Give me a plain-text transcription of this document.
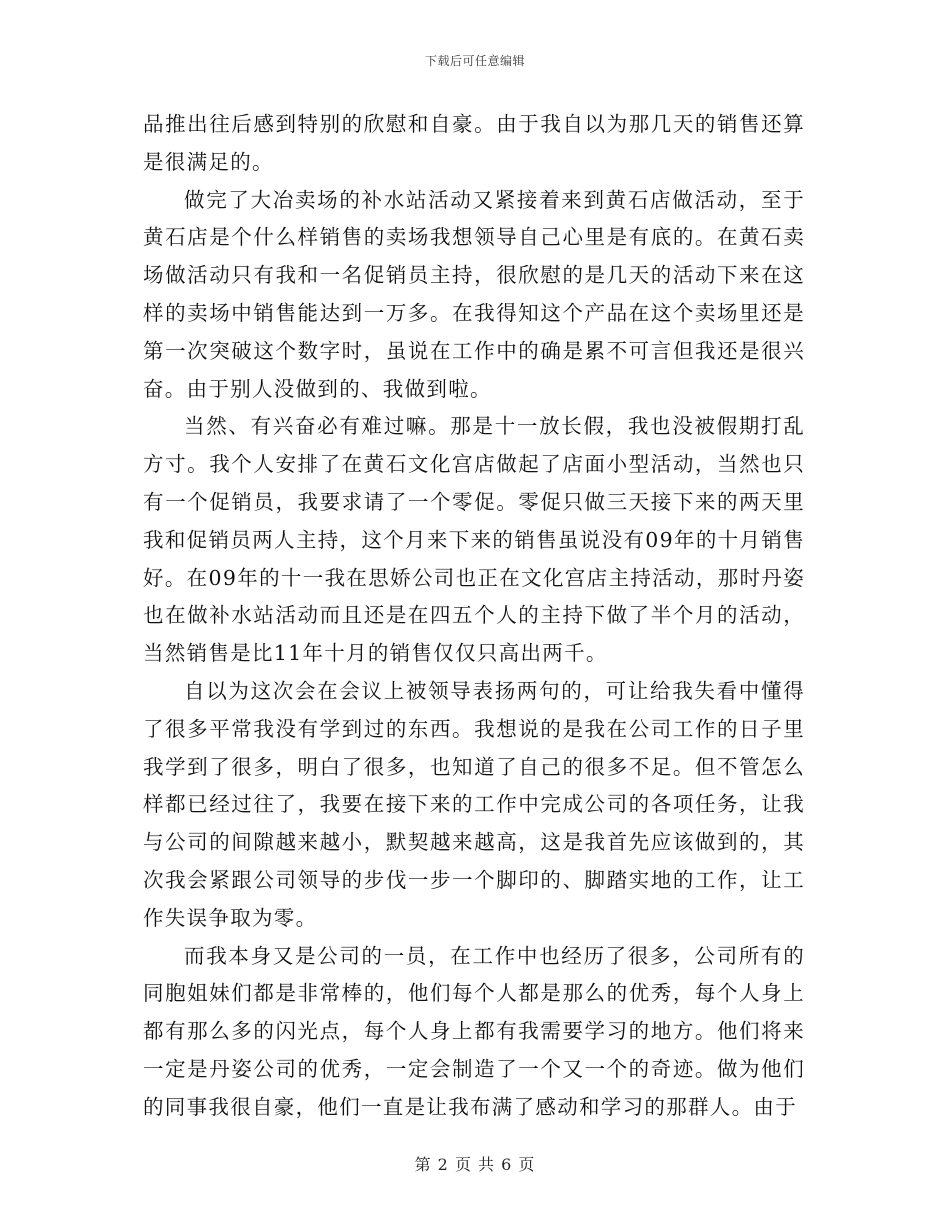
下载后可任意编辑

品推出往后感到特别的欣慰和自豪。由于我自以为那几天的销售还算是很满足的。

做完了大冶卖场的补水站活动又紧接着来到黄石店做活动，至于黄石店是个什么样销售的卖场我想领导自己心里是有底的。在黄石卖场做活动只有我和一名促销员主持，很欣慰的是几天的活动下来在这样的卖场中销售能达到一万多。在我得知这个产品在这个卖场里还是第一次突破这个数字时，虽说在工作中的确是累不可言但我还是很兴奋。由于别人没做到的、我做到啦。

当然、有兴奋必有难过嘛。那是十一放长假，我也没被假期打乱方寸。我个人安排了在黄石文化宫店做起了店面小型活动，当然也只有一个促销员，我要求请了一个零促。零促只做三天接下来的两天里我和促销员两人主持，这个月来下来的销售虽说没有09年的十月销售好。在09年的十一我在思娇公司也正在文化宫店主持活动，那时丹姿也在做补水站活动而且还是在四五个人的主持下做了半个月的活动，当然销售是比11年十月的销售仅仅只高出两千。

自以为这次会在会议上被领导表扬两句的，可让给我失看中懂得了很多平常我没有学到过的东西。我想说的是我在公司工作的日子里我学到了很多，明白了很多，也知道了自己的很多不足。但不管怎么样都已经过往了，我要在接下来的工作中完成公司的各项任务，让我与公司的间隙越来越小，默契越来越高，这是我首先应该做到的，其次我会紧跟公司领导的步伐一步一个脚印的、脚踏实地的工作，让工作失误争取为零。

而我本身又是公司的一员，在工作中也经历了很多，公司所有的同胞姐妹们都是非常棒的，他们每个人都是那么的优秀，每个人身上都有那么多的闪光点，每个人身上都有我需要学习的地方。他们将来一定是丹姿公司的优秀，一定会制造了一个又一个的奇迹。做为他们的同事我很自豪，他们一直是让我布满了感动和学习的那群人。由于

第 2 页 共 6 页
